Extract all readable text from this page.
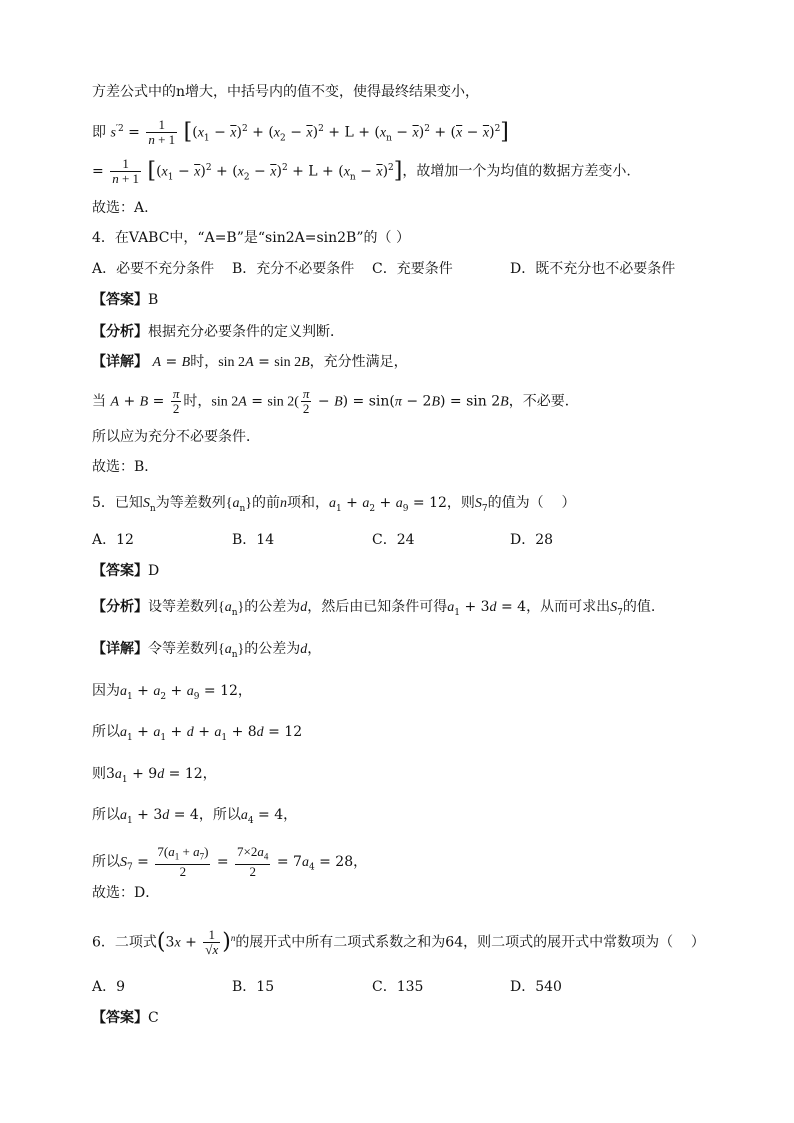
方差公式中的n增大，中括号内的值不变，使得最终结果变小，
即 $s^{'2} = \frac{1}{n + 1} [(x_1 - \overline{x})^2 + (x_2 - \overline{x})^2 + L + (x_n - \overline{x})^2 + (\overline{x} - \overline{x})^2]$
= $\frac{1}{n + 1} [(x_1 - \overline{x})^2 + (x_2 - \overline{x})^2 + L + (x_n - \overline{x})^2]$，故增加一个为均值的数据方差变小.
故选：A.
4．在VABC中，“A=B”是“sin2A=sin2B”的（ ）
A．必要不充分条件 B．充分不必要条件 C．充要条件	D．既不充分也不必要条件
【答案】B
【分析】根据充分必要条件的定义判断．
【详解】 A = B时，sin 2A = sin 2B，充分性满足，
当 $A + B = \frac{\pi}{2}$ 时，$\sin 2A = \sin 2( \frac{\pi}{2} - B) = \sin(\pi - 2B) = \sin 2B$，不必要．
所以应为充分不必要条件．
故选：B．
5．已知$S_n$为等差数列$\{a_n\}$的前n项和，$a_1 + a_2 + a_9 = 12$，则$S_7$的值为（    ）
A．12	B．14	C．24	D．28
【答案】D
【分析】设等差数列$\{a_n\}$的公差为d，然后由已知条件可得$a_1 + 3d = 4$，从而可求出$S_7$的值.
【详解】令等差数列$\{a_n\}$的公差为d，
因为$a_1 + a_2 + a_9 = 12$，
所以$a_1 + a_1 + d + a_1 + 8d = 12$
则$3a_1 + 9d = 12$，
所以$a_1 + 3d = 4$，所以$a_4 = 4$，
所以$S_7 = \frac{7(a_1 + a_7)}{2} = \frac{7\times 2a_4}{2} = 7a_4 = 28$，
故选：D．
6．二项式$(3x + \frac{1}{√x} )^n$的展开式中所有二项式系数之和为64，则二项式的展开式中常数项为（    ）
A．9	B．15	C．135	D．540
【答案】C
